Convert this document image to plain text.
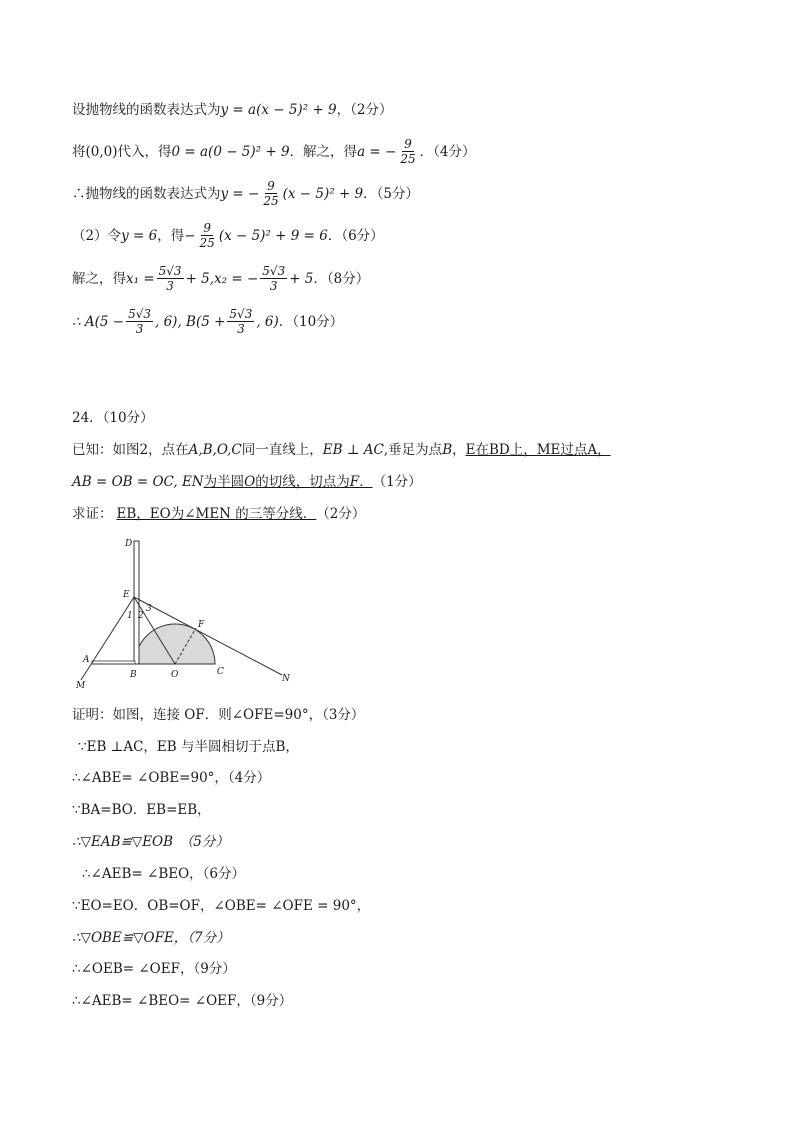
设抛物线的函数表达式为 y = a(x − 5)² + 9 ，（2分）
将(0,0)代入，得 0 = a(0 − 5)² + 9 ．解之，得 a = − $\frac{9}{25}$ ．（4分）
∴抛物线的函数表达式为 y = − $\frac{9}{25} (x - 5)^2 + 9$ ．（5分）
（2）令 y = 6 ，得− $\frac{9}{25} (x - 5)^2 + 9 = 6$ ．（6分）
解之，得 $x_1 = \frac{5√3}{3} + 5$, x₂ = − $\frac{5√3}{3} + 5$ ．（8分）
∴ $A(5 - \frac{5√3}{3}$ , 6), $B(5 + \frac{5√3}{3}$ , 6) ．（10分）
24．（10分）
已知：如图2，点在 A,B,O,C 同一直线上， EB ⊥ AC ,垂足为点 B ， E在BD上，ME过点A，
AB = OB = OC, EN 为半圆 O 的切线，切点为 F． （1分）
求证： EB，EO为∠MEN 的三等分线． （2分）
D
E
F
A
M
B	O	C
N
1 2
3
证明：如图，连接 OF．则∠OFE=90°，（3分）
∵EB ⊥AC，EB 与半圆相切于点B，
∴∠ABE= ∠OBE=90°，（4分）
∵BA=BO．EB=EB，
∴▽EAB≌▽EOB　（5分）
∴∠AEB= ∠BEO，（6分）
∵EO=EO．OB=OF，∠OBE= ∠OFE = 90°，
∴▽OBE≌▽OFE，（7分）
∴∠OEB= ∠OEF，（9分）
∴∠AEB= ∠BEO= ∠OEF，（9分）
